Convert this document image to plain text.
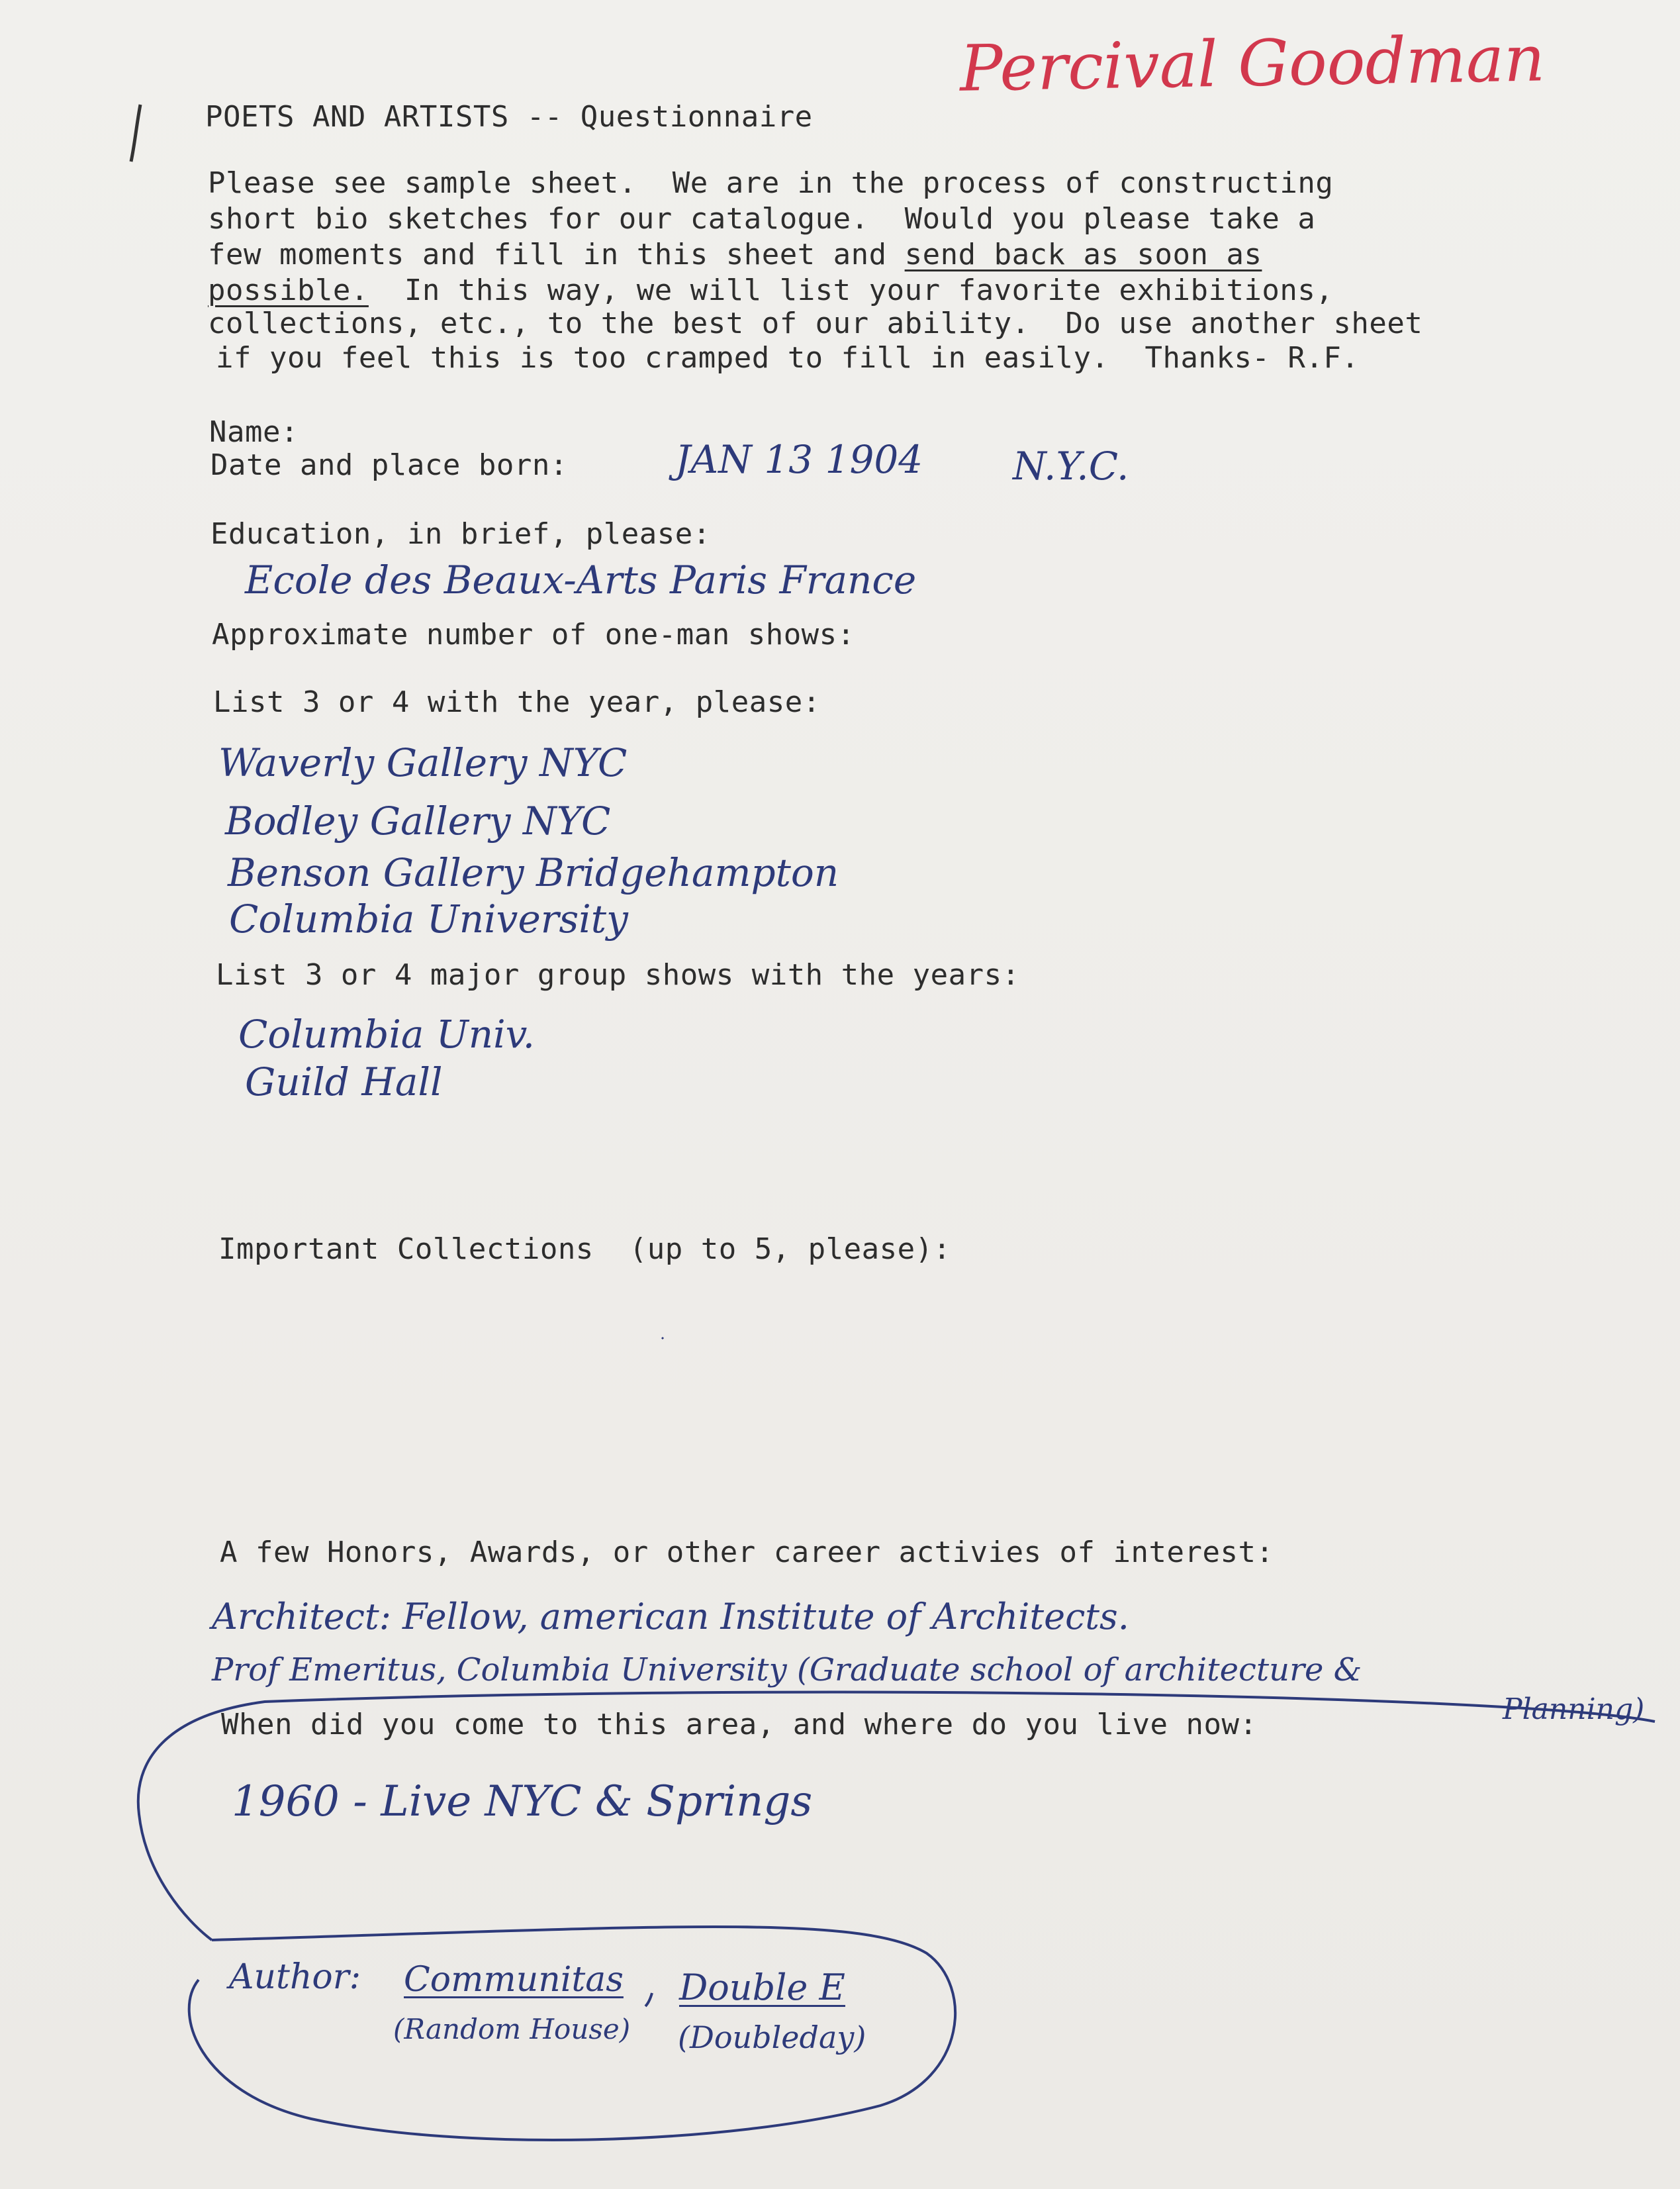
POETS AND ARTISTS -- Questionnaire
Please see sample sheet.  We are in the process of constructing
short bio sketches for our catalogue.  Would you please take a
few moments and fill in this sheet and send back as soon as
possible.  In this way, we will list your favorite exhibitions,
collections, etc., to the best of our ability.  Do use another sheet
if you feel this is too cramped to fill in easily.  Thanks- R.F.
Name:
Date and place born:
Education, in brief, please:
Approximate number of one-man shows:
List 3 or 4 with the year, please:
List 3 or 4 major group shows with the years:
Important Collections  (up to 5, please):
A few Honors, Awards, or other career activies of interest:
When did you come to this area, and where do you live now:
Percival Goodman
JAN 13 1904 N.Y.C.
Ecole des Beaux-Arts Paris France
Waverly Gallery NYC
Bodley Gallery NYC
Benson Gallery Bridgehampton
Columbia University
Columbia Univ.
Guild Hall
Architect: Fellow, american Institute of Architects.
Prof Emeritus, Columbia University (Graduate school of architecture &
Planning)
1960 - Live NYC & Springs
Author: Communitas
(Random House)
Double E
(Doubleday)
